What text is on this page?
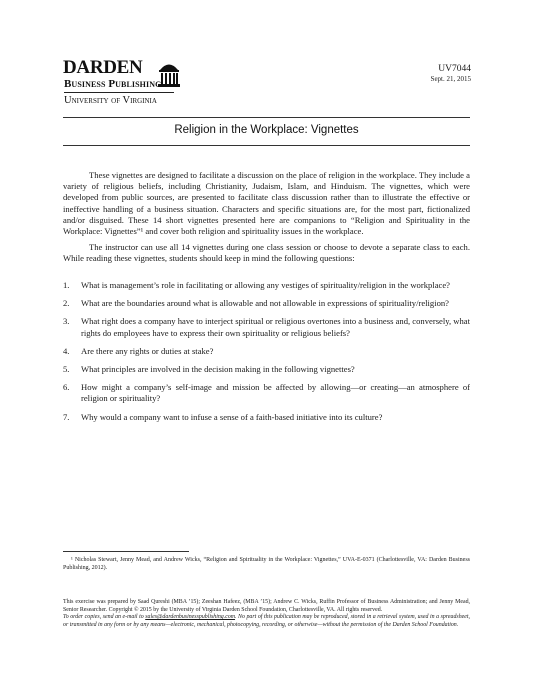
DARDEN
Business Publishing
University of Virginia
UV7044
Sept. 21, 2015
Religion in the Workplace: Vignettes

These vignettes are designed to facilitate a discussion on the place of religion in the workplace. They include a variety of religious beliefs, including Christianity, Judaism, Islam, and Hinduism. The vignettes, which were developed from public sources, are presented to facilitate class discussion rather than to illustrate the effective or ineffective handling of a business situation. Characters and specific situations are, for the most part, fictionalized and/or disguised. These 14 short vignettes presented here are companions to “Religion and Spirituality in the Workplace: Vignettes”¹ and cover both religion and spirituality issues in the workplace.

The instructor can use all 14 vignettes during one class session or choose to devote a separate class to each. While reading these vignettes, students should keep in mind the following questions:

1.	What is management’s role in facilitating or allowing any vestiges of spirituality/religion in the workplace?
2.	What are the boundaries around what is allowable and not allowable in expressions of spirituality/religion?
3.	What right does a company have to interject spiritual or religious overtones into a business and, conversely, what rights do employees have to express their own spirituality or religious beliefs?
4.	Are there any rights or duties at stake?
5.	What principles are involved in the decision making in the following vignettes?
6.	How might a company’s self-image and mission be affected by allowing—or creating—an atmosphere of religion or spirituality?
7.	Why would a company want to infuse a sense of a faith-based initiative into its culture?

¹ Nicholas Stewart, Jenny Mead, and Andrew Wicks, “Religion and Spirituality in the Workplace: Vignettes,” UVA-E-0371 (Charlottesville, VA: Darden Business Publishing, 2012).

This exercise was prepared by Saad Qureshi (MBA ’15); Zeeshan Hafeez, (MBA ’15); Andrew C. Wicks, Ruffin Professor of Business Administration; and Jenny Mead, Senior Researcher. Copyright © 2015 by the University of Virginia Darden School Foundation, Charlottesville, VA. All rights reserved.

To order copies, send an e-mail to sales@dardenbusinesspublishing.com. No part of this publication may be reproduced, stored in a retrieval system, used in a spreadsheet, or transmitted in any form or by any means—electronic, mechanical, photocopying, recording, or otherwise—without the permission of the Darden School Foundation.
